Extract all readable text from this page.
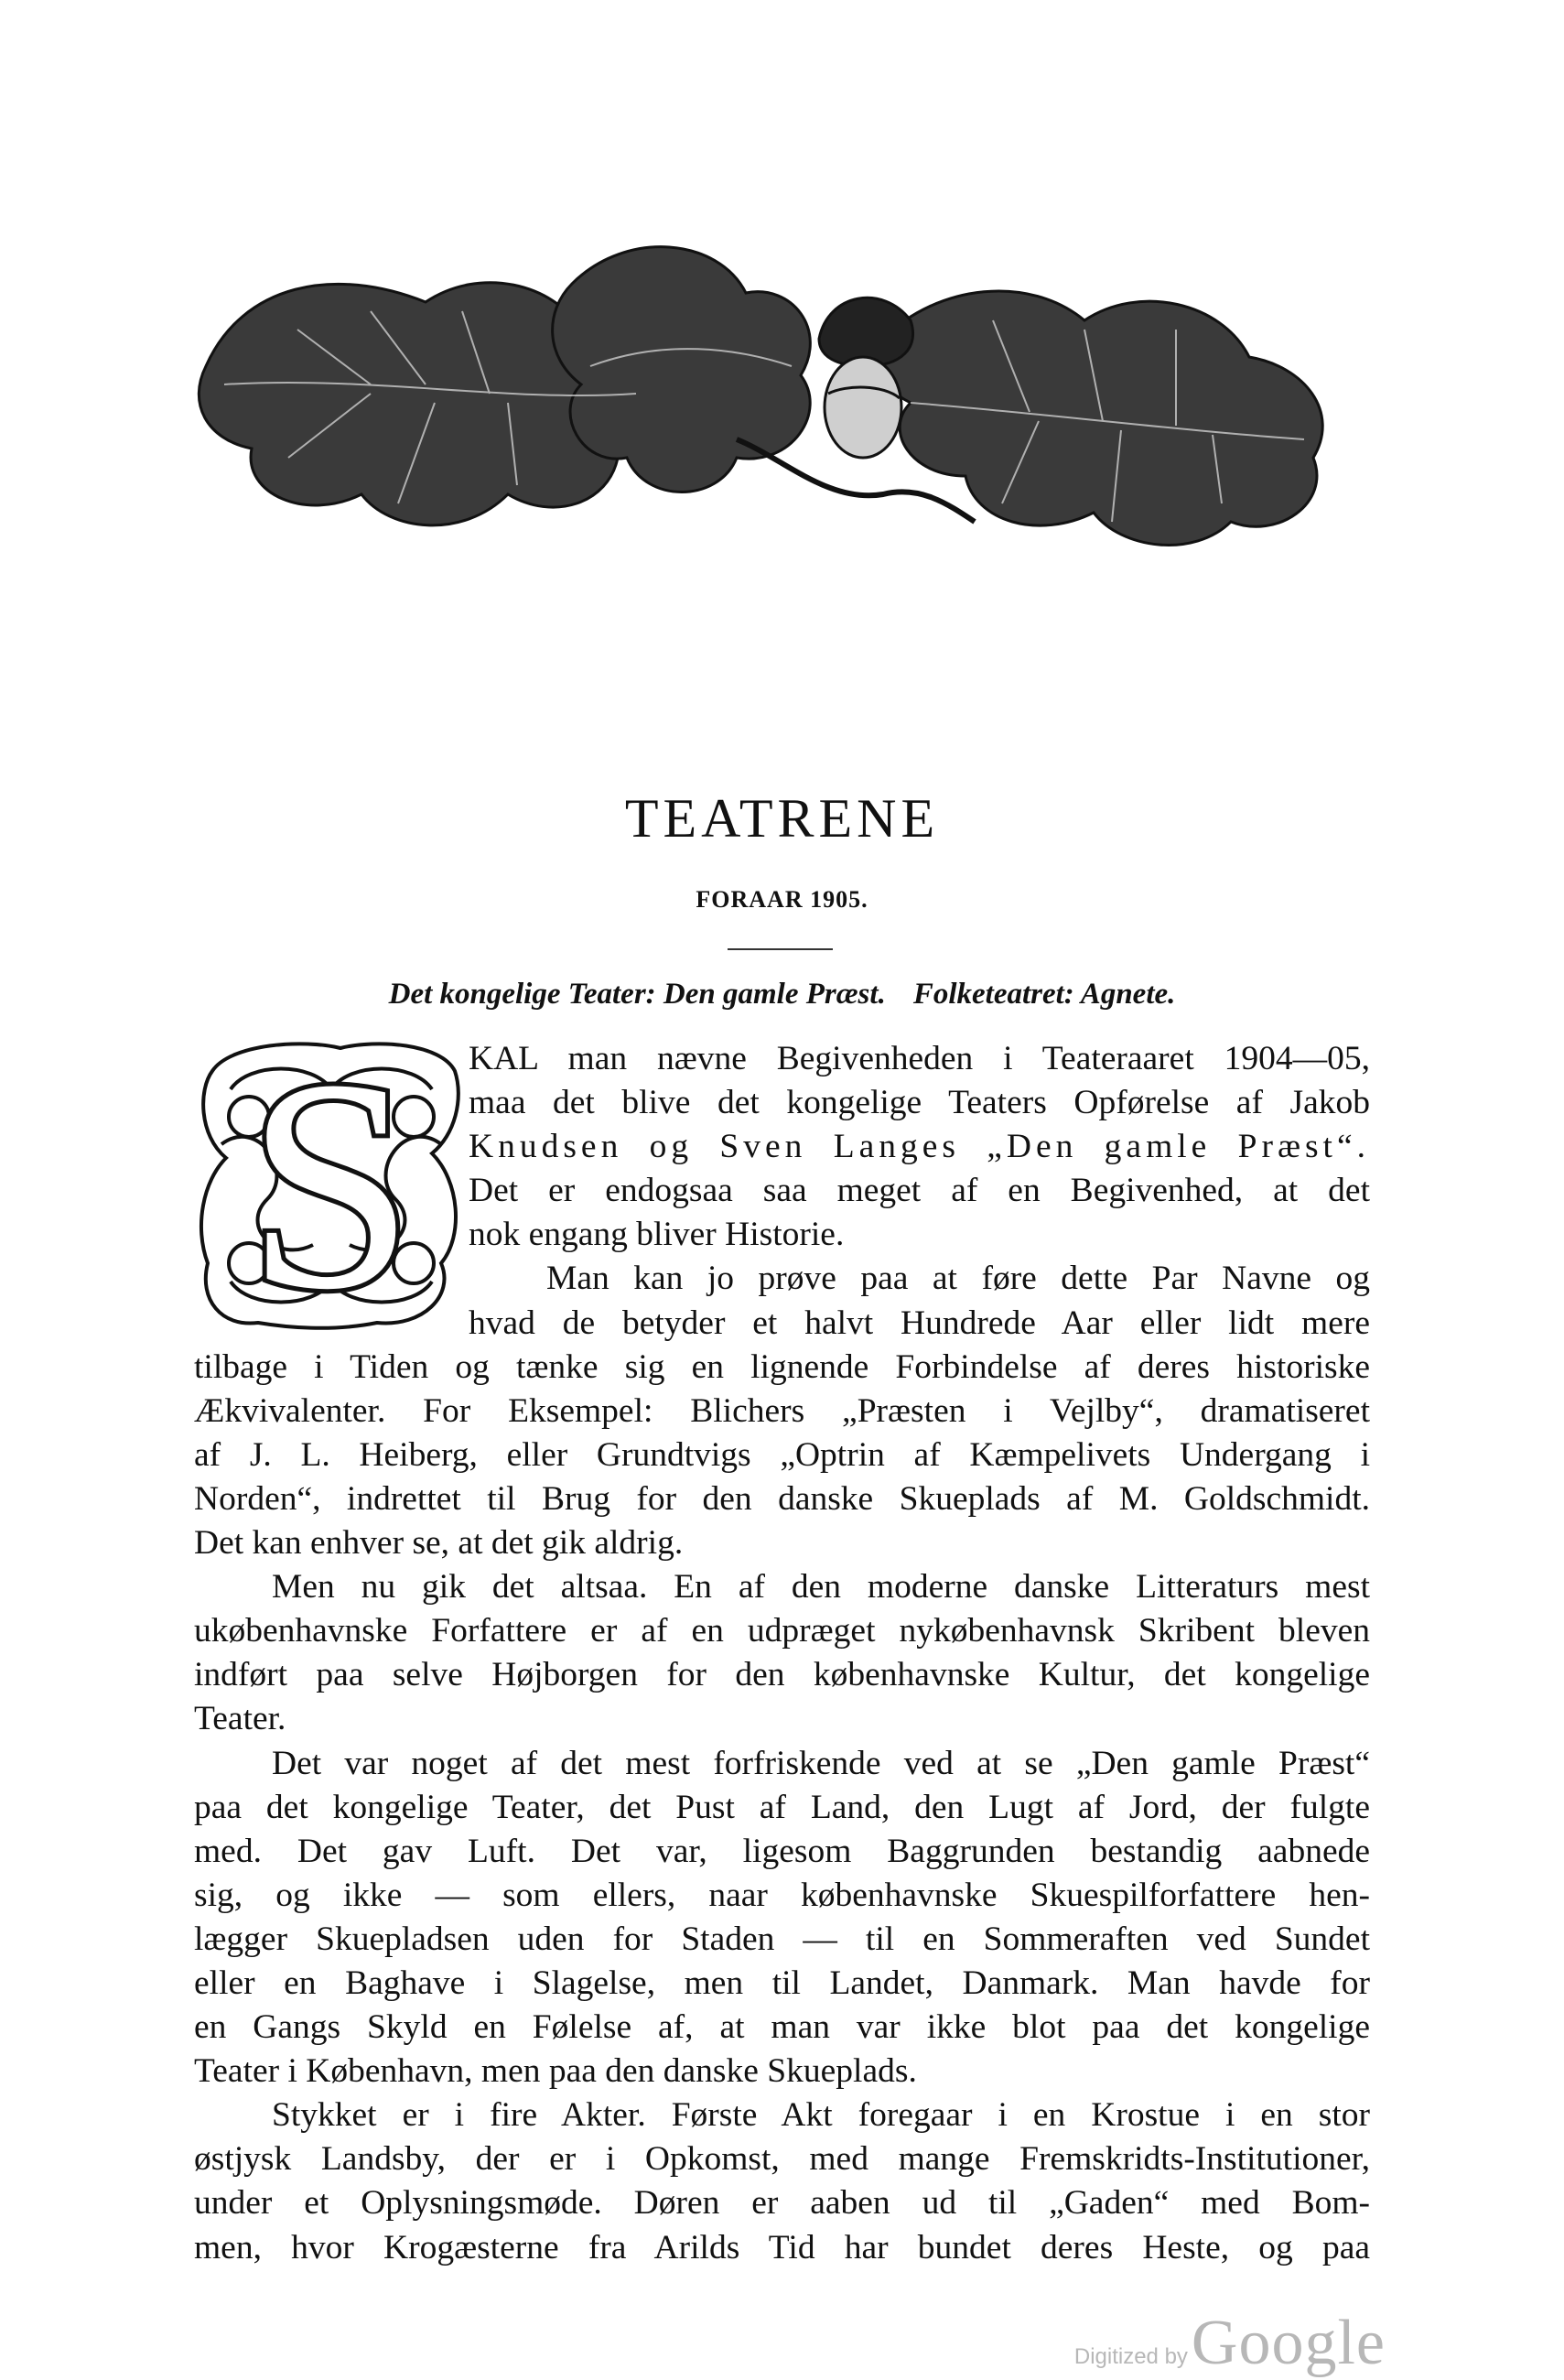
TEATRENE
FORAAR 1905.
Det kongelige Teater: Den gamle Præst. Folketeatret: Agnete.
S KAL man nævne Begivenheden i Teateraaret 1904—05,
maa det blive det kongelige Teaters Opførelse af Jakob
Knudsen og Sven Langes „Den gamle Præst“.
Det er endogsaa saa meget af en Begivenhed, at det
nok engang bliver Historie.
Man kan jo prøve paa at føre dette Par Navne og
hvad de betyder et halvt Hundrede Aar eller lidt mere
tilbage i Tiden og tænke sig en lignende Forbindelse af deres historiske
Ækvivalenter. For Eksempel: Blichers „Præsten i Vejlby“, dramatiseret
af J. L. Heiberg, eller Grundtvigs „Optrin af Kæmpelivets Undergang i
Norden“, indrettet til Brug for den danske Skueplads af M. Goldschmidt.
Det kan enhver se, at det gik aldrig.
Men nu gik det altsaa. En af den moderne danske Litteraturs mest
ukøbenhavnske Forfattere er af en udpræget nykøbenhavnsk Skribent bleven
indført paa selve Højborgen for den københavnske Kultur, det kongelige
Teater.
Det var noget af det mest forfriskende ved at se „Den gamle Præst“
paa det kongelige Teater, det Pust af Land, den Lugt af Jord, der fulgte
med. Det gav Luft. Det var, ligesom Baggrunden bestandig aabnede
sig, og ikke — som ellers, naar københavnske Skuespilforfattere hen-
lægger Skuepladsen uden for Staden — til en Sommeraften ved Sundet
eller en Baghave i Slagelse, men til Landet, Danmark. Man havde for
en Gangs Skyld en Følelse af, at man var ikke blot paa det kongelige
Teater i København, men paa den danske Skueplads.
Stykket er i fire Akter. Første Akt foregaar i en Krostue i en stor
østjysk Landsby, der er i Opkomst, med mange Fremskridts-Institutioner,
under et Oplysningsmøde. Døren er aaben ud til „Gaden“ med Bom-
men, hvor Krogæsterne fra Arilds Tid har bundet deres Heste, og paa
Digitized by Google
